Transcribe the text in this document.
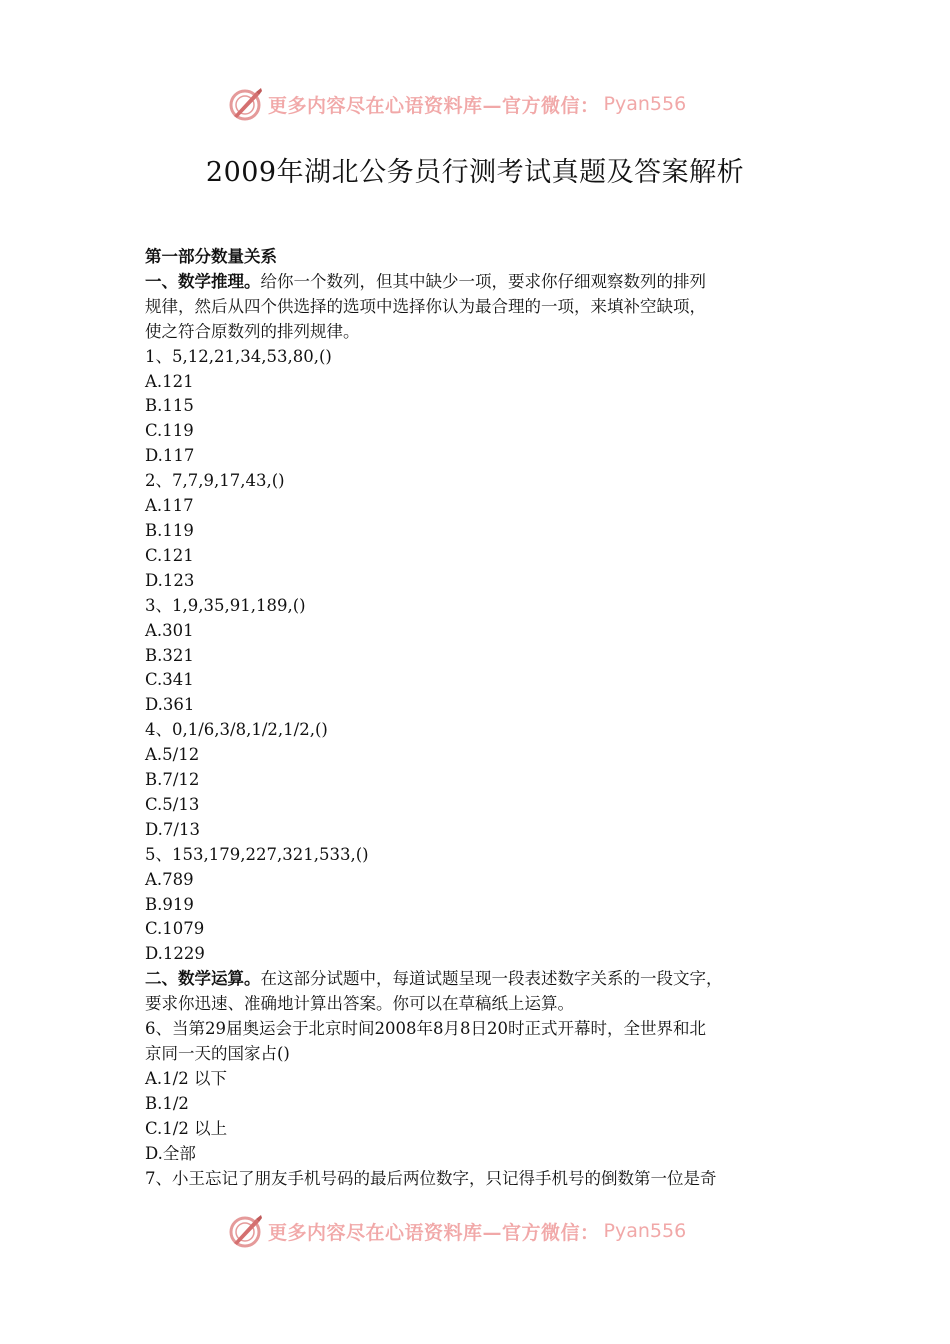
更多内容尽在心语资料库—官方微信： Pyan556
2009年湖北公务员行测考试真题及答案解析

第一部分数量关系

一、数学推理。给你一个数列，但其中缺少一项，要求你仔细观察数列的排列

规律，然后从四个供选择的选项中选择你认为最合理的一项，来填补空缺项，

使之符合原数列的排列规律。

1、5,12,21,34,53,80,()

A.121

B.115

C.119

D.117

2、7,7,9,17,43,()

A.117

B.119

C.121

D.123

3、1,9,35,91,189,()

A.301

B.321

C.341

D.361

4、0,1/6,3/8,1/2,1/2,()

A.5/12

B.7/12

C.5/13

D.7/13

5、153,179,227,321,533,()

A.789

B.919

C.1079

D.1229

二、数学运算。在这部分试题中，每道试题呈现一段表述数字关系的一段文字，

要求你迅速、准确地计算出答案。你可以在草稿纸上运算。

6、当第29届奥运会于北京时间2008年8月8日20时正式开幕时，全世界和北

京同一天的国家占()

A.1/2 以下

B.1/2

C.1/2 以上

D.全部

7、小王忘记了朋友手机号码的最后两位数字，只记得手机号的倒数第一位是奇

更多内容尽在心语资料库—官方微信： Pyan556
